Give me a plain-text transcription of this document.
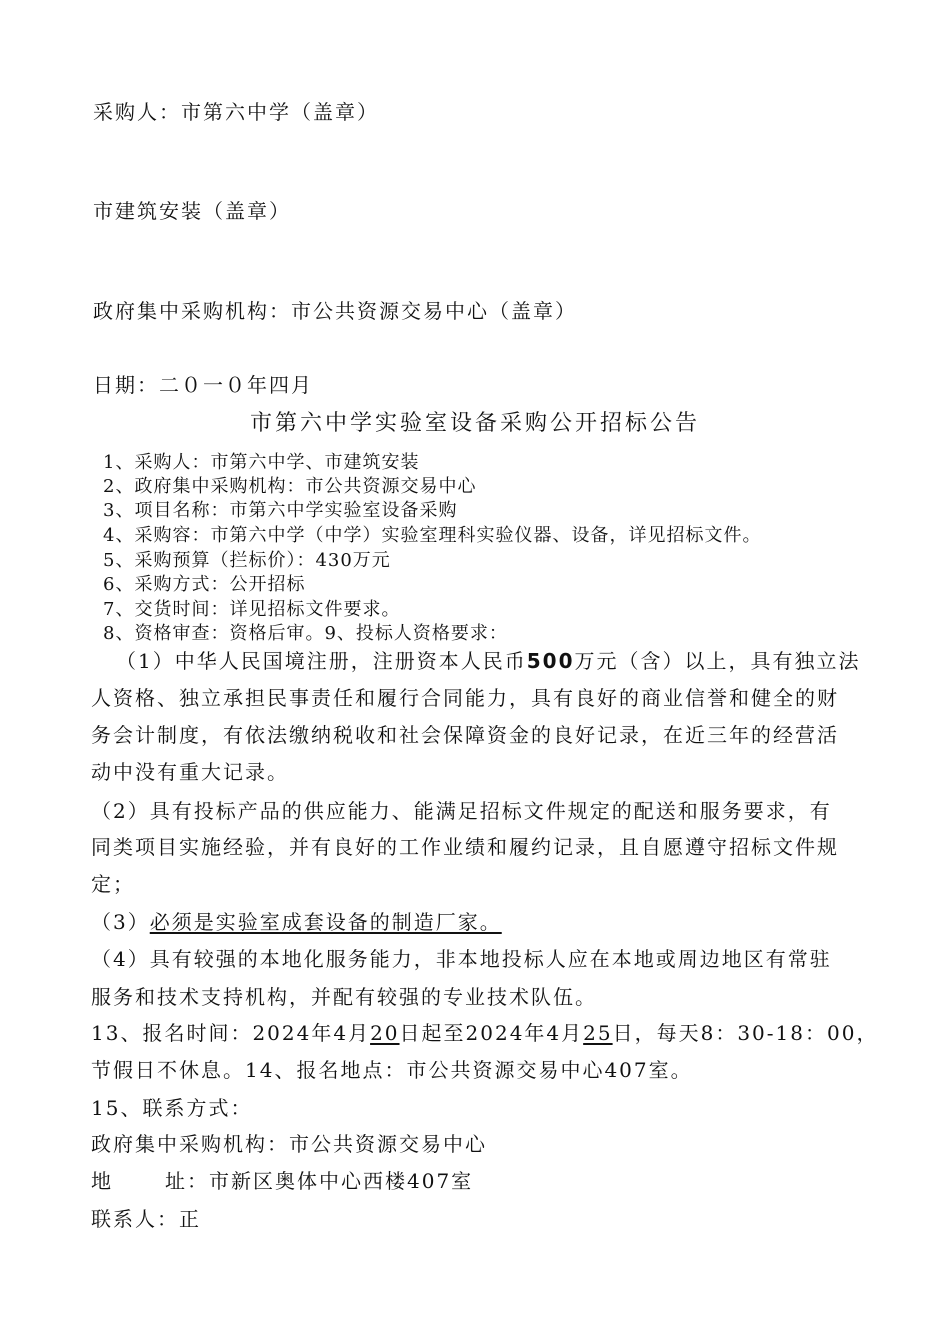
采购人：市第六中学（盖章）
市建筑安装（盖章）
政府集中采购机构：市公共资源交易中心（盖章）
日期：二０一０年四月
市第六中学实验室设备采购公开招标公告
1、采购人：市第六中学、市建筑安装
2、政府集中采购机构：市公共资源交易中心
3、项目名称：市第六中学实验室设备采购
4、采购容：市第六中学（中学）实验室理科实验仪器、设备，详见招标文件。
5、采购预算（拦标价）：430万元
6、采购方式：公开招标
7、交货时间：详见招标文件要求。
8、资格审查：资格后审。9、投标人资格要求：
（1）中华人民国境注册，注册资本人民币500万元（含）以上，具有独立法
人资格、独立承担民事责任和履行合同能力，具有良好的商业信誉和健全的财
务会计制度，有依法缴纳税收和社会保障资金的良好记录，在近三年的经营活
动中没有重大记录。
（2）具有投标产品的供应能力、能满足招标文件规定的配送和服务要求，有
同类项目实施经验，并有良好的工作业绩和履约记录，且自愿遵守招标文件规
定；
（3）必须是实验室成套设备的制造厂家。
（4）具有较强的本地化服务能力，非本地投标人应在本地或周边地区有常驻
服务和技术支持机构，并配有较强的专业技术队伍。
13、报名时间：2024年4月20日起至2024年4月25日，每天8：30-18：00，
节假日不休息。14、报名地点：市公共资源交易中心407室。
15、联系方式：
政府集中采购机构：市公共资源交易中心
地	址：市新区奥体中心西楼407室
联系人：正
